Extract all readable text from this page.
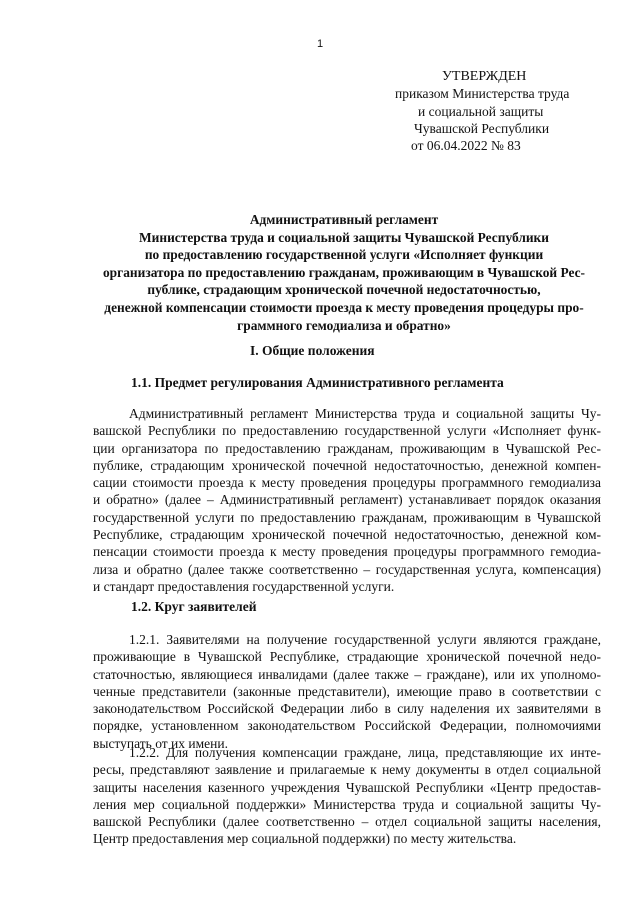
1
УТВЕРЖДЕН
приказом Министерства труда
и социальной защиты
Чувашской Республики
от 06.04.2022 № 83
Административный регламент
Министерства труда и социальной защиты Чувашской Республики
по предоставлению государственной услуги «Исполняет функции
организатора по предоставлению гражданам, проживающим в Чувашской Рес-
публике, страдающим хронической почечной недостаточностью,
денежной компенсации стоимости проезда к месту проведения процедуры про-
граммного гемодиализа и обратно»
I. Общие положения
1.1. Предмет регулирования Административного регламента
Административный регламент Министерства труда и социальной защиты Чу-
вашской Республики по предоставлению государственной услуги «Исполняет функ-
ции организатора по предоставлению гражданам, проживающим в Чувашской Рес-
публике, страдающим хронической почечной недостаточностью, денежной компен-
сации стоимости проезда к месту проведения процедуры программного гемодиализа
и обратно» (далее – Административный регламент) устанавливает порядок оказания
государственной услуги по предоставлению гражданам, проживающим в Чувашской
Республике, страдающим хронической почечной недостаточностью, денежной ком-
пенсации стоимости проезда к месту проведения процедуры программного гемодиа-
лиза и обратно (далее также соответственно – государственная услуга, компенсация)
и стандарт предоставления государственной услуги.
1.2. Круг заявителей
1.2.1. Заявителями на получение государственной услуги являются граждане,
проживающие в Чувашской Республике, страдающие хронической почечной недо-
статочностью, являющиеся инвалидами (далее также – граждане), или их уполномо-
ченные представители (законные представители), имеющие право в соответствии с
законодательством Российской Федерации либо в силу наделения их заявителями в
порядке, установленном законодательством Российской Федерации, полномочиями
выступать от их имени.
1.2.2. Для получения компенсации граждане, лица, представляющие их инте-
ресы, представляют заявление и прилагаемые к нему документы в отдел социальной
защиты населения казенного учреждения Чувашской Республики «Центр предостав-
ления мер социальной поддержки» Министерства труда и социальной защиты Чу-
вашской Республики (далее соответственно – отдел социальной защиты населения,
Центр предоставления мер социальной поддержки) по месту жительства.
